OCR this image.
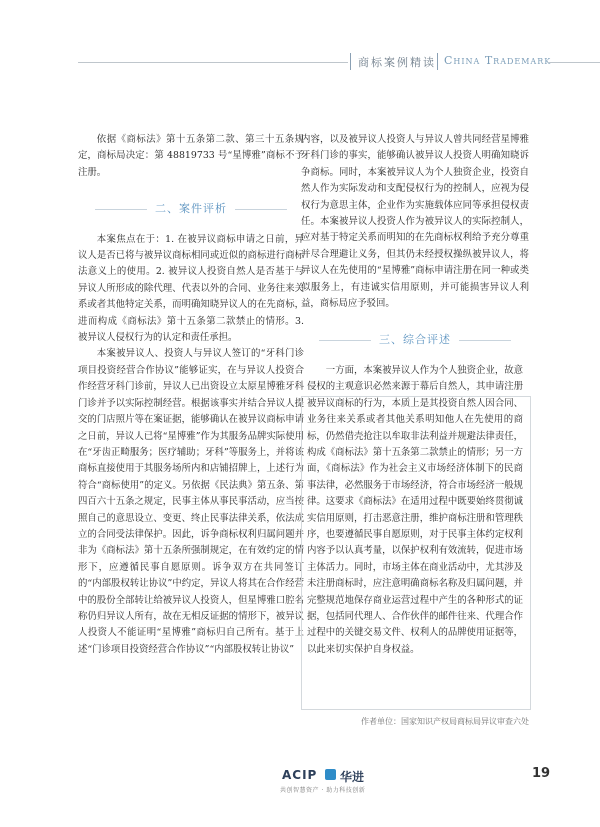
商标案例精读 China Trademark

依据《商标法》第十五条第二款、第三十五条规定，商标局决定：第 48819733 号“星博雅”商标不予注册。

二、案件评析

本案焦点在于：1. 在被异议商标申请之日前，异议人是否已将与被异议商标相同或近似的商标进行商标法意义上的使用。2. 被异议人投资自然人是否基于与异议人所形成的除代理、代表以外的合同、业务往来关系或者其他特定关系，而明确知晓异议人的在先商标，进而构成《商标法》第十五条第二款禁止的情形。3. 被异议人侵权行为的认定和责任承担。

本案被异议人、投资人与异议人签订的“牙科门诊项目投资经营合作协议”能够证实，在与异议人投资合作经营牙科门诊前，异议人已出资设立太原星博雅牙科门诊并予以实际控制经营。根据该事实并结合异议人提交的门店照片等在案证据，能够确认在被异议商标申请之日前，异议人已将“星博雅”作为其服务品牌实际使用在“牙齿正畸服务；医疗辅助；牙科”等服务上，并将该商标直接使用于其服务场所内和店铺招牌上，上述行为符合“商标使用”的定义。另依据《民法典》第五条、第四百六十五条之规定，民事主体从事民事活动，应当按照自己的意思设立、变更、终止民事法律关系，依法成立的合同受法律保护。因此，诉争商标权利归属问题并非为《商标法》第十五条所强制规定，在有效约定的情形下，应遵循民事自愿原则。诉争双方在共同签订的“内部股权转让协议”中约定，异议人将其在合作经营中的股份全部转让给被异议人投资人，但星博雅口腔名称仍归异议人所有，故在无相反证据的情形下，被异议人投资人不能证明“星博雅”商标归自己所有。基于上述“门诊项目投资经营合作协议”“内部股权转让协议”

内容，以及被异议人投资人与异议人曾共同经营星博雅牙科门诊的事实，能够确认被异议人投资人明确知晓诉争商标。同时，本案被异议人为个人独资企业，投资自然人作为实际发动和支配侵权行为的控制人，应视为侵权行为意思主体，企业作为实施载体应同等承担侵权责任。本案被异议人投资人作为被异议人的实际控制人，应对基于特定关系而明知的在先商标权利给予充分尊重并尽合理避让义务，但其仍未经授权操纵被异议人，将异议人在先使用的“星博雅”商标申请注册在同一种或类似服务上，有违诚实信用原则，并可能损害异议人利益，商标局应予驳回。

三、综合评述

一方面，本案被异议人作为个人独资企业，故意侵权的主观意识必然来源于幕后自然人，其申请注册被异议商标的行为，本质上是其投资自然人因合同、业务往来关系或者其他关系明知他人在先使用的商标，仍然借壳抢注以牟取非法利益并规避法律责任，构成《商标法》第十五条第二款禁止的情形；另一方面，《商标法》作为社会主义市场经济体制下的民商事法律，必然服务于市场经济，符合市场经济一般规律。这要求《商标法》在适用过程中既要始终贯彻诚实信用原则，打击恶意注册，维护商标注册和管理秩序，也要遵循民事自愿原则，对于民事主体约定权利内容予以认真考量，以保护权利有效流转，促进市场主体活力。同时，市场主体在商业活动中，尤其涉及未注册商标时，应注意明确商标名称及归属问题，并完整规范地保存商业运营过程中产生的各种形式的证据，包括同代理人、合作伙伴的邮件往来、代理合作过程中的关键交易文件、权利人的品牌使用证据等，以此来切实保护自身权益。

作者单位：国家知识产权局商标局异议审查六处
ACIP 华进
共创智慧资产 · 助力科技创新
19
